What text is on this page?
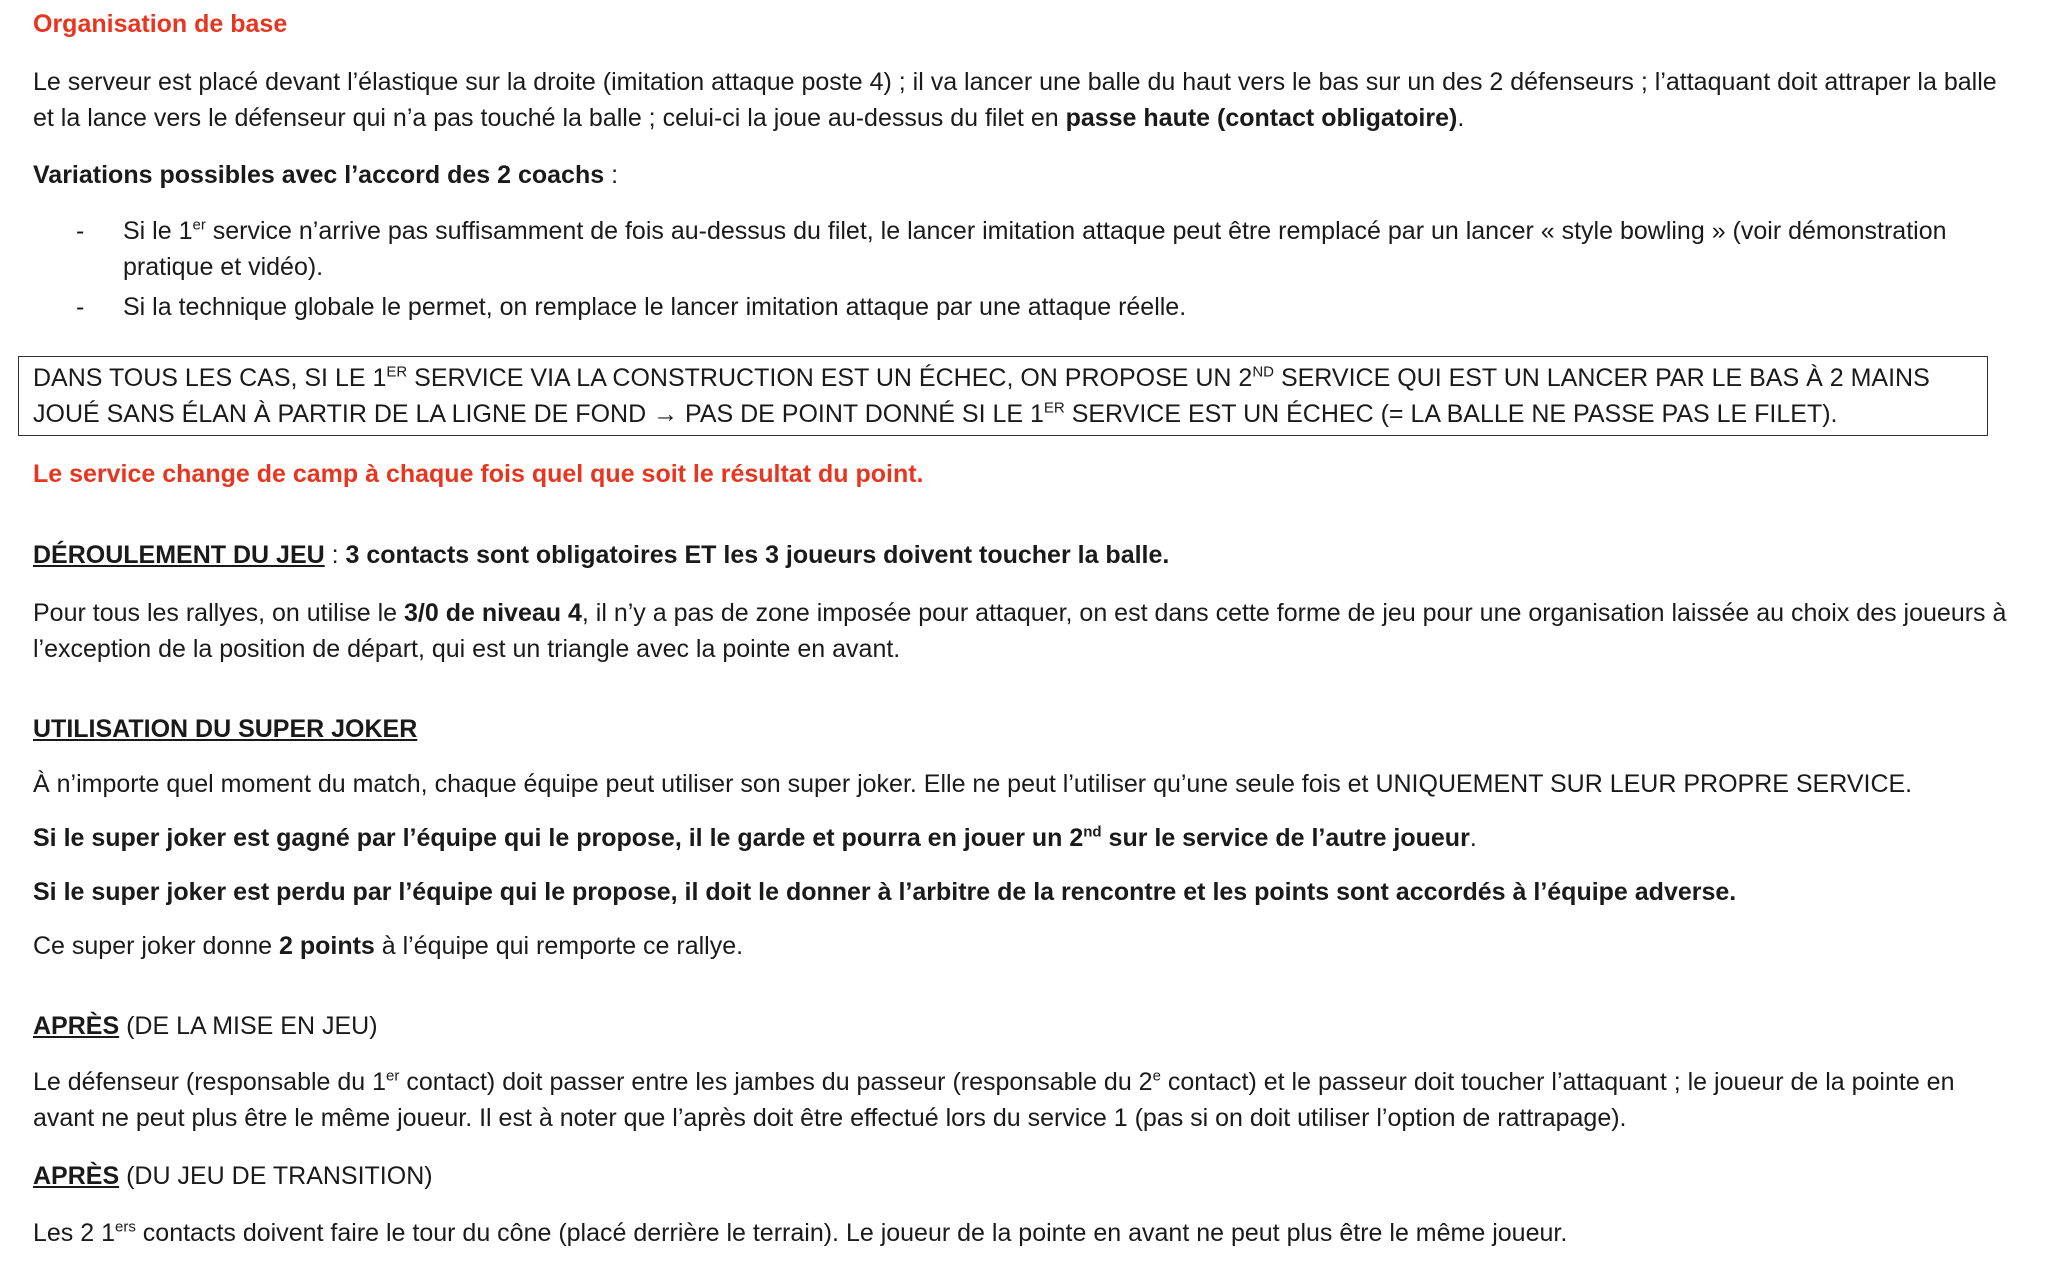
Organisation de base

Le serveur est placé devant l’élastique sur la droite (imitation attaque poste 4) ; il va lancer une balle du haut vers le bas sur un des 2 défenseurs ; l’attaquant doit attraper la balle et la lance vers le défenseur qui n’a pas touché la balle ; celui-ci la joue au-dessus du filet en passe haute (contact obligatoire).

Variations possibles avec l’accord des 2 coachs :

- Si le 1er service n’arrive pas suffisamment de fois au-dessus du filet, le lancer imitation attaque peut être remplacé par un lancer « style bowling » (voir démonstration pratique et vidéo).
- Si la technique globale le permet, on remplace le lancer imitation attaque par une attaque réelle.
DANS TOUS LES CAS, SI LE 1ER SERVICE VIA LA CONSTRUCTION EST UN ÉCHEC, ON PROPOSE UN 2ND SERVICE QUI EST UN LANCER PAR LE BAS À 2 MAINS JOUÉ SANS ÉLAN À PARTIR DE LA LIGNE DE FOND → PAS DE POINT DONNÉ SI LE 1ER SERVICE EST UN ÉCHEC (= LA BALLE NE PASSE PAS LE FILET).

Le service change de camp à chaque fois quel que soit le résultat du point.

DÉROULEMENT DU JEU : 3 contacts sont obligatoires ET les 3 joueurs doivent toucher la balle.

Pour tous les rallyes, on utilise le 3/0 de niveau 4, il n’y a pas de zone imposée pour attaquer, on est dans cette forme de jeu pour une organisation laissée au choix des joueurs à l’exception de la position de départ, qui est un triangle avec la pointe en avant.

UTILISATION DU SUPER JOKER

À n’importe quel moment du match, chaque équipe peut utiliser son super joker. Elle ne peut l’utiliser qu’une seule fois et UNIQUEMENT SUR LEUR PROPRE SERVICE.

Si le super joker est gagné par l’équipe qui le propose, il le garde et pourra en jouer un 2nd sur le service de l’autre joueur.

Si le super joker est perdu par l’équipe qui le propose, il doit le donner à l’arbitre de la rencontre et les points sont accordés à l’équipe adverse.

Ce super joker donne 2 points à l’équipe qui remporte ce rallye.

APRÈS (DE LA MISE EN JEU)

Le défenseur (responsable du 1er contact) doit passer entre les jambes du passeur (responsable du 2e contact) et le passeur doit toucher l’attaquant ; le joueur de la pointe en avant ne peut plus être le même joueur. Il est à noter que l’après doit être effectué lors du service 1 (pas si on doit utiliser l’option de rattrapage).

APRÈS (DU JEU DE TRANSITION)

Les 2 1ers contacts doivent faire le tour du cône (placé derrière le terrain). Le joueur de la pointe en avant ne peut plus être le même joueur.
